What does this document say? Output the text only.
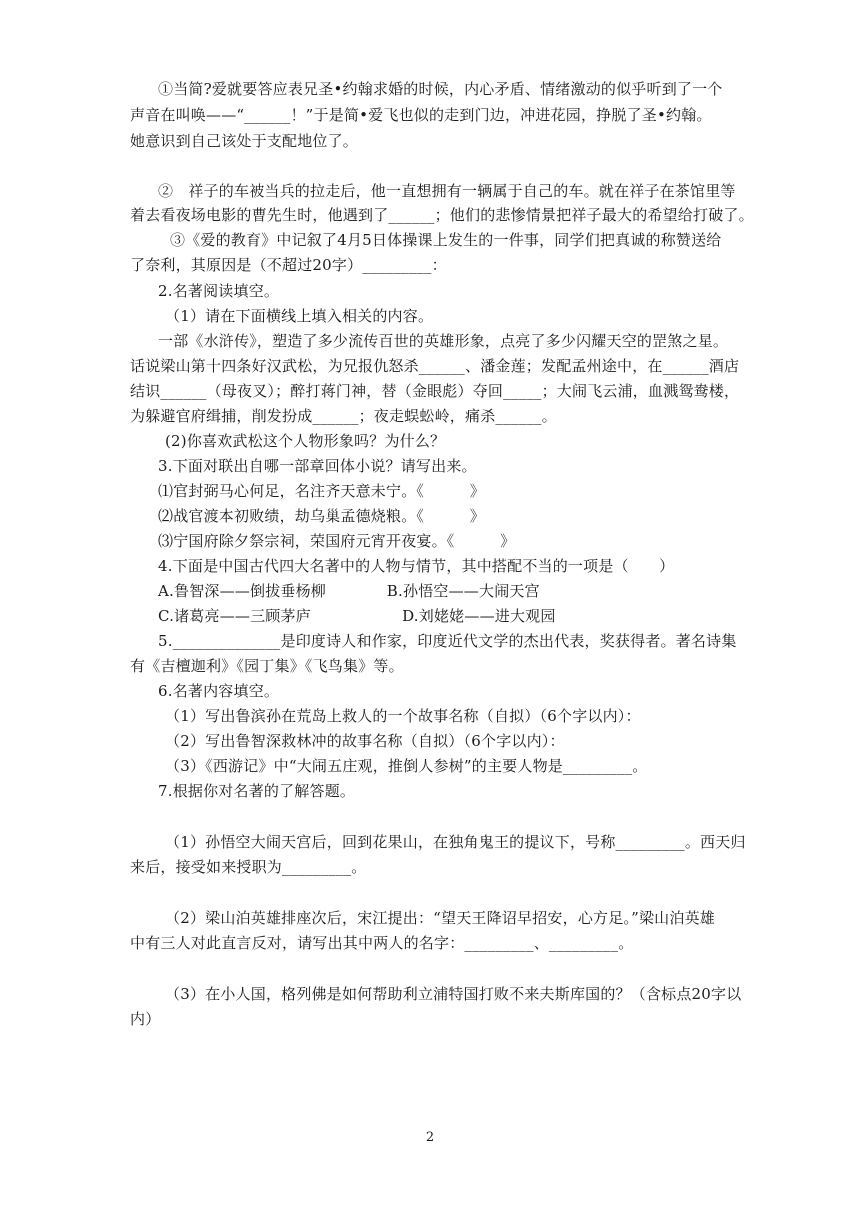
①当简?爱就要答应表兄圣•约翰求婚的时候，内心矛盾、情绪激动的似乎听到了一个
声音在叫唤——“______！”于是简•爱飞也似的走到门边，冲进花园，挣脱了圣•约翰。
她意识到自己该处于支配地位了。
②　祥子的车被当兵的拉走后，他一直想拥有一辆属于自己的车。就在祥子在茶馆里等
着去看夜场电影的曹先生时，他遇到了______；他们的悲惨情景把祥子最大的希望给打破了。
③《爱的教育》中记叙了4月5日体操课上发生的一件事，同学们把真诚的称赞送给
了奈利，其原因是（不超过20字）_________：
2.名著阅读填空。
（1）请在下面横线上填入相关的内容。
一部《水浒传》，塑造了多少流传百世的英雄形象，点亮了多少闪耀天空的罡煞之星。
话说梁山第十四条好汉武松，为兄报仇怒杀______、潘金莲；发配孟州途中，在______酒店
结识______（母夜叉）；醉打蒋门神，替（金眼彪）夺回_____；大闹飞云浦，血溅鸳鸯楼，
为躲避官府缉捕，削发扮成______；夜走蜈蚣岭，痛杀______。
(2)你喜欢武松这个人物形象吗？为什么？
3.下面对联出自哪一部章回体小说？请写出来。
⑴官封弼马心何足，名注齐天意未宁。《　　　》
⑵战官渡本初败绩，劫乌巢孟德烧粮。《　　　》
⑶宁国府除夕祭宗祠，荣国府元宵开夜宴。《　　　》
4.下面是中国古代四大名著中的人物与情节，其中搭配不当的一项是（　　）
A.鲁智深——倒拔垂杨柳　　　　B.孙悟空——大闹天宫
C.诸葛亮——三顾茅庐　　　　　　D.刘姥姥——进大观园
5.______________是印度诗人和作家，印度近代文学的杰出代表，奖获得者。著名诗集
有《吉檀迦利》《园丁集》《飞鸟集》等。
6.名著内容填空。
（1）写出鲁滨孙在荒岛上救人的一个故事名称（自拟）（6个字以内）：
（2）写出鲁智深救林冲的故事名称（自拟）（6个字以内）：
（3）《西游记》中“大闹五庄观，推倒人参树”的主要人物是_________。
7.根据你对名著的了解答题。
（1）孙悟空大闹天宫后，回到花果山，在独角鬼王的提议下，号称_________。西天归
来后，接受如来授职为_________。
（2）梁山泊英雄排座次后，宋江提出：“望天王降诏早招安，心方足。”梁山泊英雄
中有三人对此直言反对，请写出其中两人的名字：_________、_________。
（3）在小人国，格列佛是如何帮助利立浦特国打败不来夫斯库国的？（含标点20字以
内）
2
